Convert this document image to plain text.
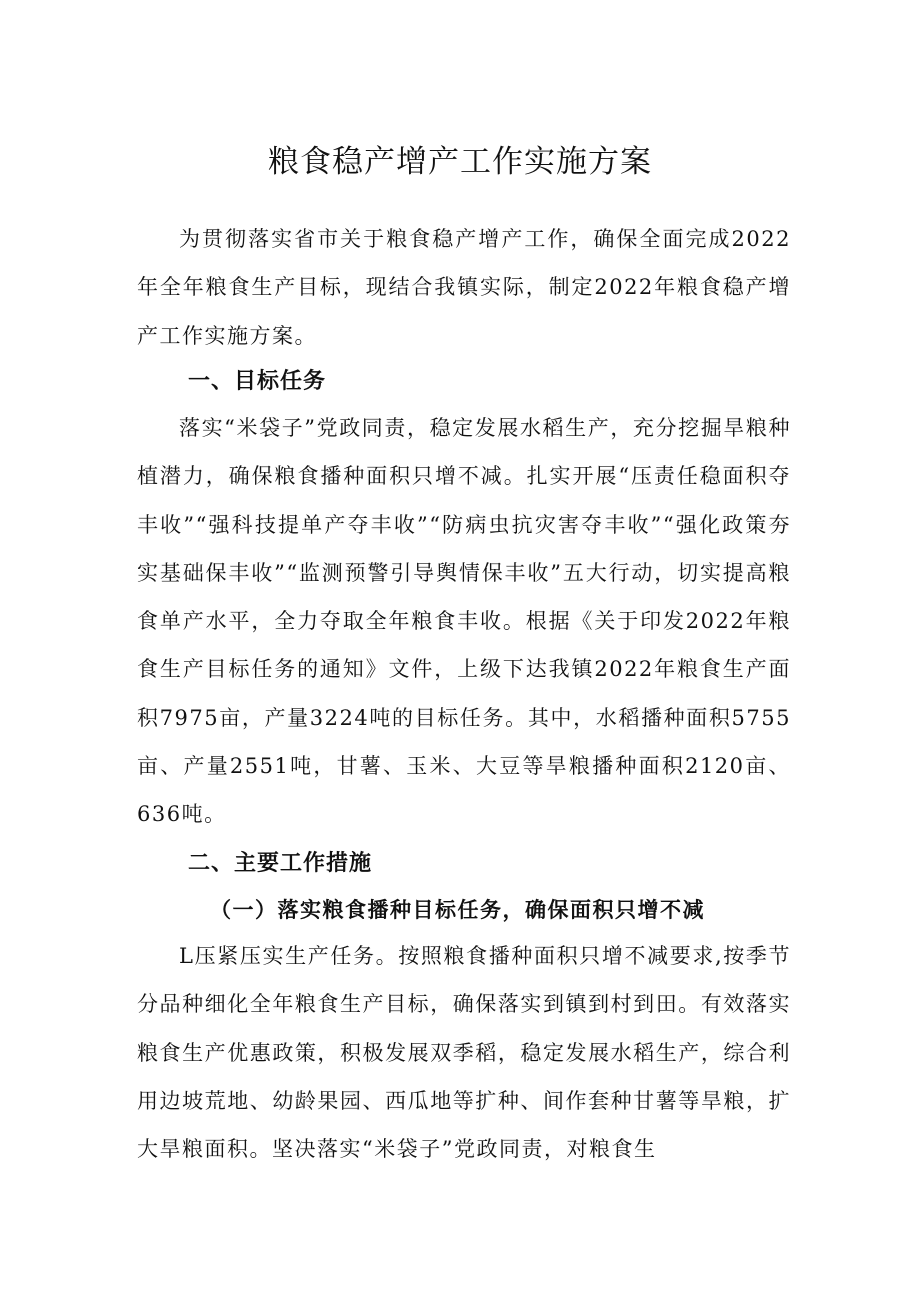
粮食稳产增产工作实施方案

为贯彻落实省市关于粮食稳产增产工作，确保全面完成2022年全年粮食生产目标，现结合我镇实际，制定2022年粮食稳产增产工作实施方案。

一、目标任务

落实“米袋子”党政同责，稳定发展水稻生产，充分挖掘旱粮种植潜力，确保粮食播种面积只增不减。扎实开展“压责任稳面积夺丰收”“强科技提单产夺丰收”“防病虫抗灾害夺丰收”“强化政策夯实基础保丰收”“监测预警引导舆情保丰收”五大行动，切实提高粮食单产水平，全力夺取全年粮食丰收。根据《关于印发2022年粮食生产目标任务的通知》文件，上级下达我镇2022年粮食生产面积7975亩，产量3224吨的目标任务。其中，水稻播种面积5755亩、产量2551吨，甘薯、玉米、大豆等旱粮播种面积2120亩、636吨。

二、主要工作措施
（一）落实粮食播种目标任务，确保面积只增不减

L压紧压实生产任务。按照粮食播种面积只增不减要求,按季节分品种细化全年粮食生产目标，确保落实到镇到村到田。有效落实粮食生产优惠政策，积极发展双季稻，稳定发展水稻生产，综合利用边坡荒地、幼龄果园、西瓜地等扩种、间作套种甘薯等旱粮，扩大旱粮面积。坚决落实“米袋子”党政同责，对粮食生
